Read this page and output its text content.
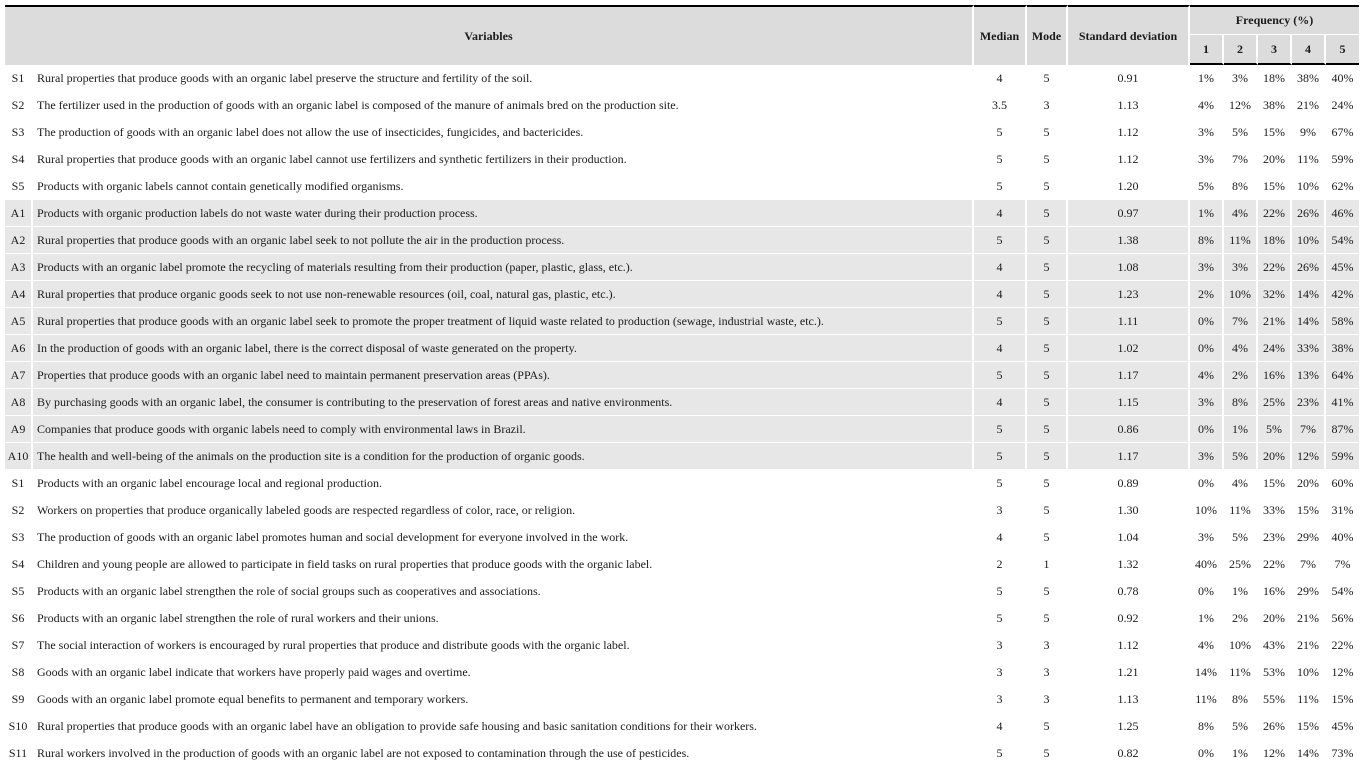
Variables		Median	Mode	Standard deviation	Frequency (%)				
					1	2	3	4	5
S1	Rural properties that produce goods with an organic label preserve the structure and fertility of the soil.	4	5	0.91	1%	3%	18%	38%	40%
S2	The fertilizer used in the production of goods with an organic label is composed of the manure of animals bred on the production site.	3.5	3	1.13	4%	12%	38%	21%	24%
S3	The production of goods with an organic label does not allow the use of insecticides, fungicides, and bactericides.	5	5	1.12	3%	5%	15%	9%	67%
S4	Rural properties that produce goods with an organic label cannot use fertilizers and synthetic fertilizers in their production.	5	5	1.12	3%	7%	20%	11%	59%
S5	Products with organic labels cannot contain genetically modified organisms.	5	5	1.20	5%	8%	15%	10%	62%
A1	Products with organic production labels do not waste water during their production process.	4	5	0.97	1%	4%	22%	26%	46%
A2	Rural properties that produce goods with an organic label seek to not pollute the air in the production process.	5	5	1.38	8%	11%	18%	10%	54%
A3	Products with an organic label promote the recycling of materials resulting from their production (paper, plastic, glass, etc.).	4	5	1.08	3%	3%	22%	26%	45%
A4	Rural properties that produce organic goods seek to not use non-renewable resources (oil, coal, natural gas, plastic, etc.).	4	5	1.23	2%	10%	32%	14%	42%
A5	Rural properties that produce goods with an organic label seek to promote the proper treatment of liquid waste related to production (sewage, industrial waste, etc.).	5	5	1.11	0%	7%	21%	14%	58%
A6	In the production of goods with an organic label, there is the correct disposal of waste generated on the property.	4	5	1.02	0%	4%	24%	33%	38%
A7	Properties that produce goods with an organic label need to maintain permanent preservation areas (PPAs).	5	5	1.17	4%	2%	16%	13%	64%
A8	By purchasing goods with an organic label, the consumer is contributing to the preservation of forest areas and native environments.	4	5	1.15	3%	8%	25%	23%	41%
A9	Companies that produce goods with organic labels need to comply with environmental laws in Brazil.	5	5	0.86	0%	1%	5%	7%	87%
A10	The health and well-being of the animals on the production site is a condition for the production of organic goods.	5	5	1.17	3%	5%	20%	12%	59%
S1	Products with an organic label encourage local and regional production.	5	5	0.89	0%	4%	15%	20%	60%
S2	Workers on properties that produce organically labeled goods are respected regardless of color, race, or religion.	3	5	1.30	10%	11%	33%	15%	31%
S3	The production of goods with an organic label promotes human and social development for everyone involved in the work.	4	5	1.04	3%	5%	23%	29%	40%
S4	Children and young people are allowed to participate in field tasks on rural properties that produce goods with the organic label.	2	1	1.32	40%	25%	22%	7%	7%
S5	Products with an organic label strengthen the role of social groups such as cooperatives and associations.	5	5	0.78	0%	1%	16%	29%	54%
S6	Products with an organic label strengthen the role of rural workers and their unions.	5	5	0.92	1%	2%	20%	21%	56%
S7	The social interaction of workers is encouraged by rural properties that produce and distribute goods with the organic label.	3	3	1.12	4%	10%	43%	21%	22%
S8	Goods with an organic label indicate that workers have properly paid wages and overtime.	3	3	1.21	14%	11%	53%	10%	12%
S9	Goods with an organic label promote equal benefits to permanent and temporary workers.	3	3	1.13	11%	8%	55%	11%	15%
S10	Rural properties that produce goods with an organic label have an obligation to provide safe housing and basic sanitation conditions for their workers.	4	5	1.25	8%	5%	26%	15%	45%
S11	Rural workers involved in the production of goods with an organic label are not exposed to contamination through the use of pesticides.	5	5	0.82	0%	1%	12%	14%	73%
